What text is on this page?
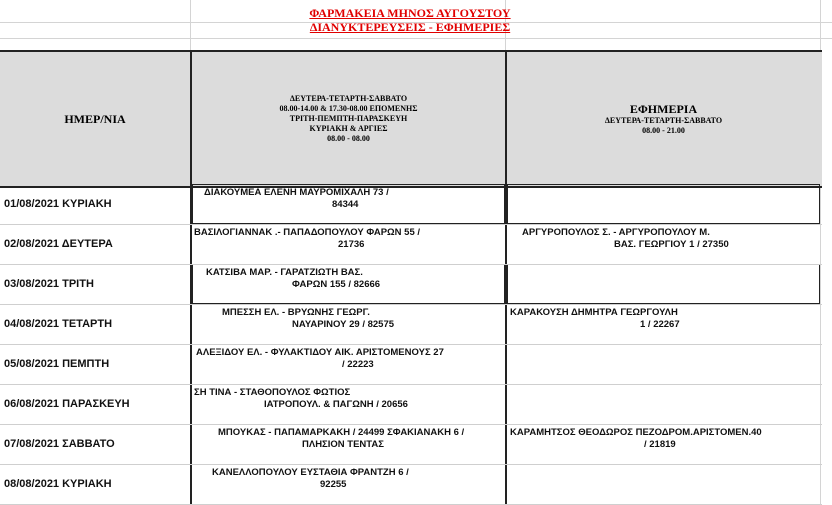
ΦΑΡΜΑΚΕΙΑ ΜΗΝΟΣ ΑΥΓΟΥΣΤΟΥ
ΔΙΑΝΥΚΤΕΡΕΥΣΕΙΣ - ΕΦΗΜΕΡΙΕΣ
ΗΜΕΡ/ΝΙΑ
ΔΕΥΤΕΡΑ-ΤΕΤΑΡΤΗ-ΣΑΒΒΑΤΟ
08.00-14.00 & 17.30-08.00 ΕΠΟΜΕΝΗΣ
ΤΡΙΤΗ-ΠΕΜΠΤΗ-ΠΑΡΑΣΚΕΥΗ
ΚΥΡΙΑΚΗ & ΑΡΓΙΕΣ
08.00 - 08.00
ΕΦΗΜΕΡΙΑ
ΔΕΥΤΕΡΑ-ΤΕΤΑΡΤΗ-ΣΑΒΒΑΤΟ
08.00 - 21.00
01/08/2021 ΚΥΡΙΑΚΗ
ΔΙΑΚΟΥΜΕΑ ΕΛΕΝΗ ΜΑΥΡΟΜΙΧΑΛΗ 73 /
84344
02/08/2021 ΔΕΥΤΕΡΑ
ΒΑΣΙΛΟΓΙΑΝΝΑΚ .- ΠΑΠΑΔΟΠΟΥΛΟΥ ΦΑΡΩΝ 55 /
21736
ΑΡΓΥΡΟΠΟΥΛΟΣ Σ. - ΑΡΓΥΡΟΠΟΥΛΟΥ Μ.
ΒΑΣ. ΓΕΩΡΓΙΟΥ 1 / 27350
03/08/2021 ΤΡΙΤΗ
ΚΑΤΣΙΒΑ ΜΑΡ. - ΓΑΡΑΤΖΙΩΤΗ ΒΑΣ.
ΦΑΡΩΝ 155 / 82666
04/08/2021 ΤΕΤΑΡΤΗ
ΜΠΕΣΣΗ ΕΛ. - ΒΡΥΩΝΗΣ ΓΕΩΡΓ.
ΝΑΥΑΡΙΝΟΥ 29 / 82575
ΚΑΡΑΚΟΥΣΗ ΔΗΜΗΤΡΑ ΓΕΩΡΓΟΥΛΗ
1 / 22267
05/08/2021 ΠΕΜΠΤΗ
ΑΛΕΞΙΔΟΥ ΕΛ. - ΦΥΛΑΚΤΙΔΟΥ ΑΙΚ. ΑΡΙΣΤΟΜΕΝΟΥΣ 27
/ 22223
06/08/2021 ΠΑΡΑΣΚΕΥΗ
ΣΗ ΤΙΝΑ - ΣΤΑΘΟΠΟΥΛΟΣ ΦΩΤΙΟΣ
ΙΑΤΡΟΠΟΥΛ. & ΠΑΓΩΝΗ / 20656
07/08/2021 ΣΑΒΒΑΤΟ
ΜΠΟΥΚΑΣ - ΠΑΠΑΜΑΡΚΑΚΗ / 24499 ΣΦΑΚΙΑΝΑΚΗ 6 /
ΠΛΗΣΙΟΝ ΤΕΝΤΑΣ
ΚΑΡΑΜΗΤΣΟΣ ΘΕΟΔΩΡΟΣ ΠΕΖΟΔΡΟΜ.ΑΡΙΣΤΟΜΕΝ.40
/ 21819
08/08/2021 ΚΥΡΙΑΚΗ
ΚΑΝΕΛΛΟΠΟΥΛΟΥ ΕΥΣΤΑΘΙΑ ΦΡΑΝΤΖΗ 6 /
92255
